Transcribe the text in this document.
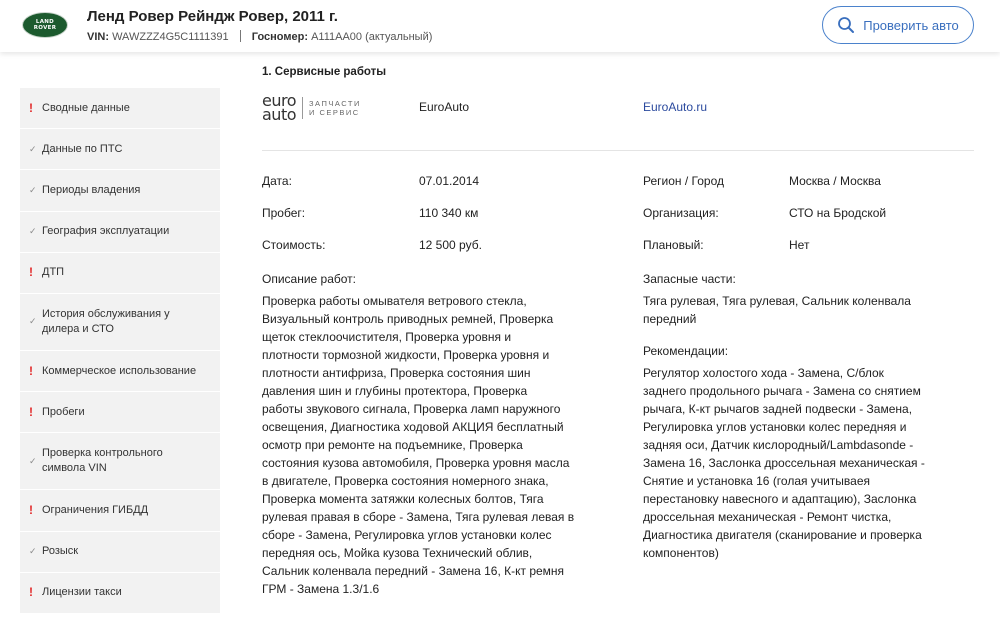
LAND
ROVER
Ленд Ровер Рейндж Ровер, 2011 г.
VIN: WAWZZZ4G5C1111391 Госномер: А111АА00 (актуальный)
Проверить авто
! Сводные данные
✓ Данные по ПТС
✓ Периоды владения
✓ География эксплуатации
! ДТП
✓
История обслуживания у
дилера и СТО
! Коммерческое использование
! Пробеги
✓
Проверка контрольного
символа VIN
! Ограничения ГИБДД
✓ Розыск
! Лицензии такси
1. Сервисные работы
euro
auto
ЗАПЧАСТИ
И СЕРВИС	EuroAuto	EuroAuto.ru
Дата:	07.01.2014
Пробег:	110 340 км
Стоимость:	12 500 руб.
Регион / Город	Москва / Москва
Организация:	СТО на Бродской
Плановый:	Нет
Описание работ:
Проверка работы омывателя ветрового стекла,
Визуальный контроль приводных ремней, Проверка
щеток стеклоочистителя, Проверка уровня и
плотности тормозной жидкости, Проверка уровня и
плотности антифриза, Проверка состояния шин
давления шин и глубины протектора, Проверка
работы звукового сигнала, Проверка ламп наружного
освещения, Диагностика ходовой АКЦИЯ бесплатный
осмотр при ремонте на подъемнике, Проверка
состояния кузова автомобиля, Проверка уровня масла
в двигателе, Проверка состояния номерного знака,
Проверка момента затяжки колесных болтов, Тяга
рулевая правая в сборе - Замена, Тяга рулевая левая в
сборе - Замена, Регулировка углов установки колес
передняя ось, Мойка кузова Технический облив,
Сальник коленвала передний - Замена 16, К-кт ремня
ГРМ - Замена 1.3/1.6
Запасные части:
Тяга рулевая, Тяга рулевая, Сальник коленвала
передний
Рекомендации:
Регулятор холостого хода - Замена, С/блок
заднего продольного рычага - Замена со снятием
рычага, К-кт рычагов задней подвески - Замена,
Регулировка углов установки колес передняя и
задняя оси, Датчик кислородный/Lambdasonde -
Замена 16, Заслонка дроссельная механическая -
Снятие и установка 16 (голая учитываея
перестановку навесного и адаптацию), Заслонка
дроссельная механическая - Ремонт чистка,
Диагностика двигателя (сканирование и проверка
компонентов)
